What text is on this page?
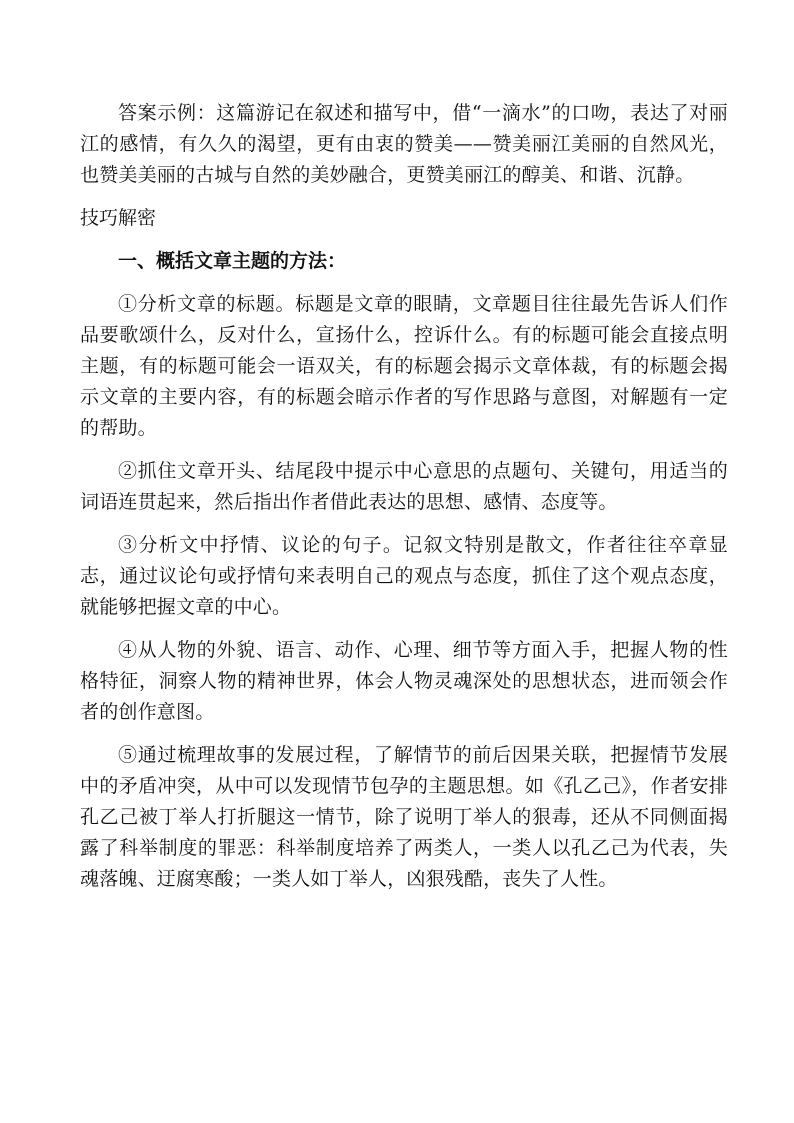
答案示例：这篇游记在叙述和描写中，借“一滴水”的口吻，表达了对丽江的感情，有久久的渴望，更有由衷的赞美——赞美丽江美丽的自然风光，也赞美美丽的古城与自然的美妙融合，更赞美丽江的醇美、和谐、沉静。

技巧解密

一、概括文章主题的方法：

①分析文章的标题。标题是文章的眼睛，文章题目往往最先告诉人们作品要歌颂什么，反对什么，宣扬什么，控诉什么。有的标题可能会直接点明主题，有的标题可能会一语双关，有的标题会揭示文章体裁，有的标题会揭示文章的主要内容，有的标题会暗示作者的写作思路与意图，对解题有一定的帮助。

②抓住文章开头、结尾段中提示中心意思的点题句、关键句，用适当的词语连贯起来，然后指出作者借此表达的思想、感情、态度等。

③分析文中抒情、议论的句子。记叙文特别是散文，作者往往卒章显志，通过议论句或抒情句来表明自己的观点与态度，抓住了这个观点态度，就能够把握文章的中心。

④从人物的外貌、语言、动作、心理、细节等方面入手，把握人物的性格特征，洞察人物的精神世界，体会人物灵魂深处的思想状态，进而领会作者的创作意图。

⑤通过梳理故事的发展过程，了解情节的前后因果关联，把握情节发展中的矛盾冲突，从中可以发现情节包孕的主题思想。如《孔乙己》，作者安排孔乙己被丁举人打折腿这一情节，除了说明丁举人的狠毒，还从不同侧面揭露了科举制度的罪恶：科举制度培养了两类人，一类人以孔乙己为代表，失魂落魄、迂腐寒酸；一类人如丁举人，凶狠残酷，丧失了人性。
